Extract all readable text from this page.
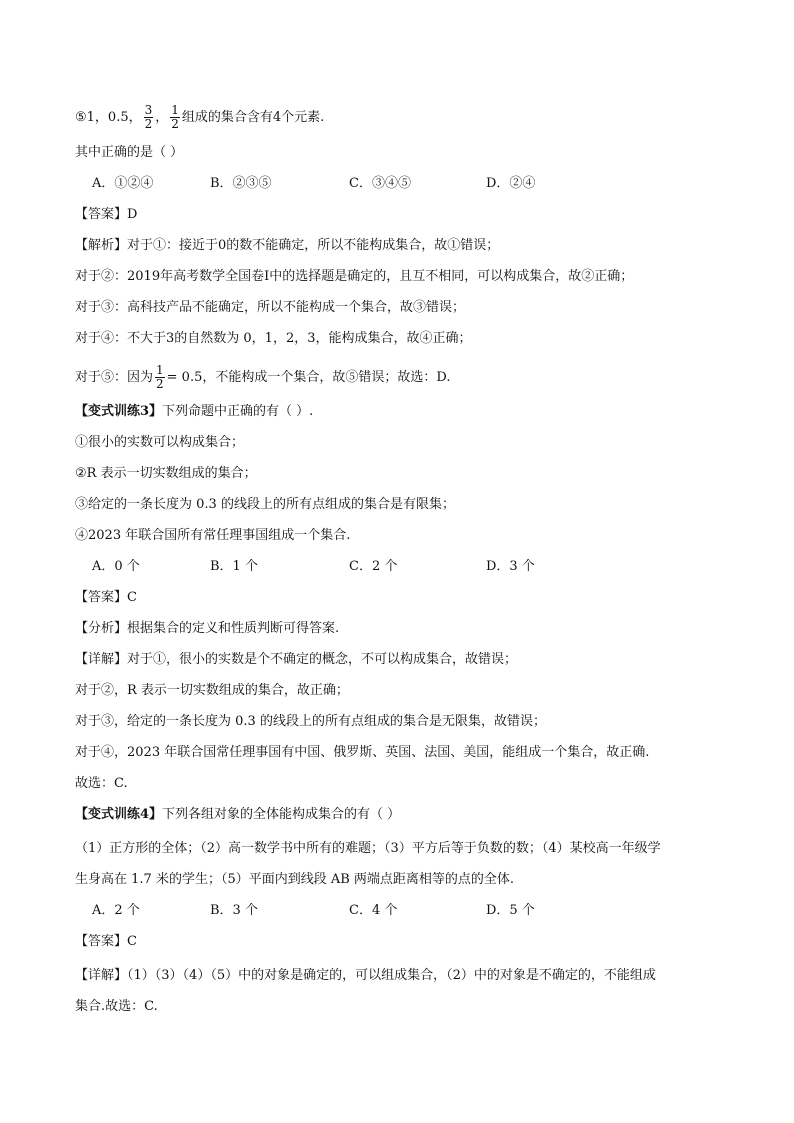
⑤1，0.5， $\frac{3}{2}$ ， $\frac{1}{2}$ 组成的集合含有4个元素.
其中正确的是（ ）
A．①②④	B．②③⑤	C．③④⑤	D．②④
【答案】D
【解析】对于①：接近于0的数不能确定，所以不能构成集合，故①错误；
对于②：2019年高考数学全国卷Ⅰ中的选择题是确定的，且互不相同，可以构成集合，故②正确；
对于③：高科技产品不能确定，所以不能构成一个集合，故③错误；
对于④：不大于3的自然数为 0，1，2，3，能构成集合，故④正确；
对于⑤：因为 $\frac{1}{2} = 0.5$，不能构成一个集合，故⑤错误；故选：D.
【变式训练3】下列命题中正确的有（ ）.
①很小的实数可以构成集合；
②R 表示一切实数组成的集合；
③给定的一条长度为 0.3 的线段上的所有点组成的集合是有限集；
④2023 年联合国所有常任理事国组成一个集合.
A．0 个	B．1 个	C．2 个	D．3 个
【答案】C
【分析】根据集合的定义和性质判断可得答案.
【详解】对于①，很小的实数是个不确定的概念，不可以构成集合，故错误；
对于②，R 表示一切实数组成的集合，故正确；
对于③，给定的一条长度为 0.3 的线段上的所有点组成的集合是无限集，故错误；
对于④，2023 年联合国常任理事国有中国、俄罗斯、英国、法国、美国，能组成一个集合，故正确.
故选：C.
【变式训练4】下列各组对象的全体能构成集合的有（ ）
（1）正方形的全体；（2）高一数学书中所有的难题；（3）平方后等于负数的数；（4）某校高一年级学
生身高在 1.7 米的学生；（5）平面内到线段 AB 两端点距离相等的点的全体.
A．2 个	B．3 个	C．4 个	D．5 个
【答案】C
【详解】（1）（3）（4）（5）中的对象是确定的，可以组成集合，（2）中的对象是不确定的，不能组成
集合.故选：C.
